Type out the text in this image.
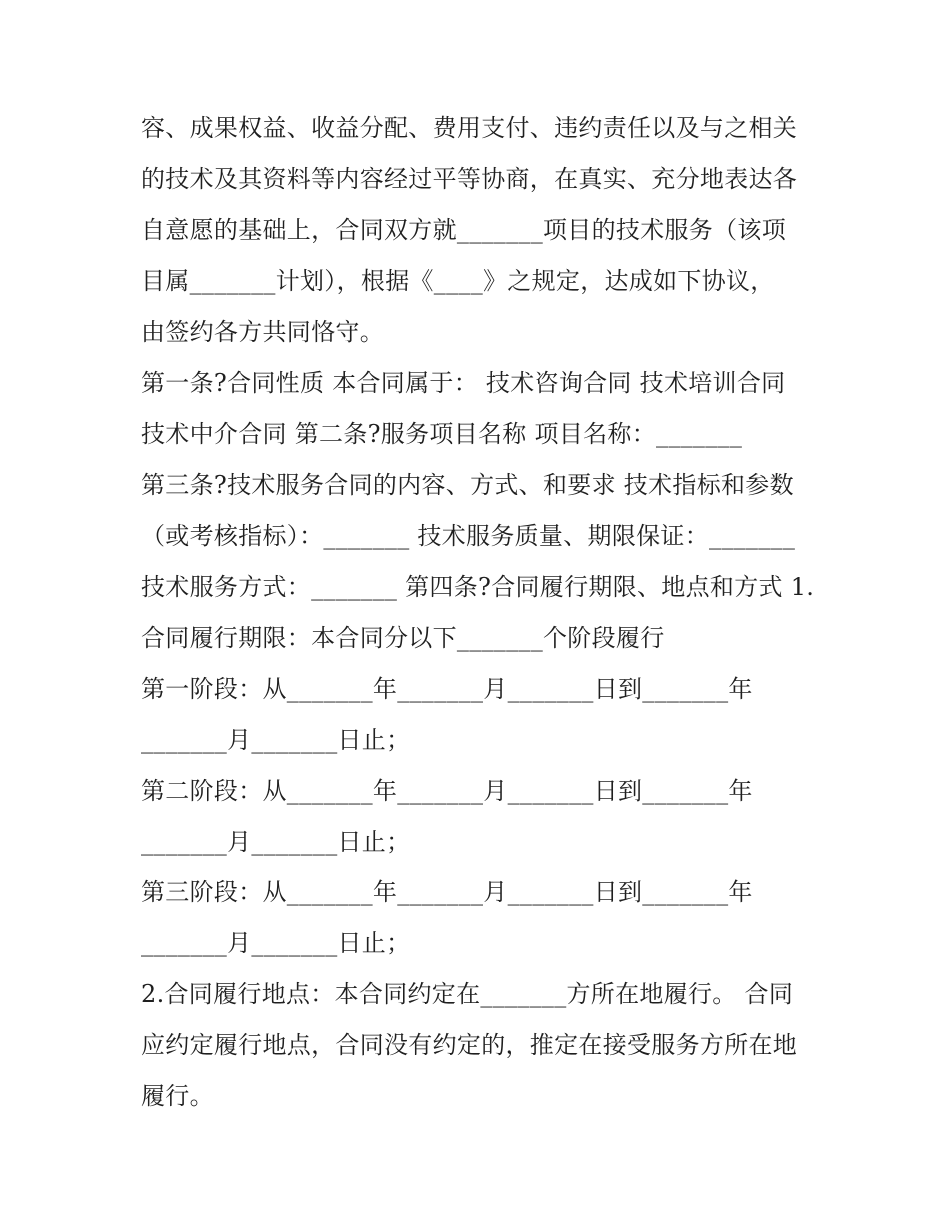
容、成果权益、收益分配、费用支付、违约责任以及与之相关
的技术及其资料等内容经过平等协商，在真实、充分地表达各
自意愿的基础上，合同双方就_______项目的技术服务（该项
目属_______计划），根据《____》之规定，达成如下协议，
由签约各方共同恪守。
第一条?合同性质 本合同属于： 技术咨询合同 技术培训合同
技术中介合同 第二条?服务项目名称 项目名称：_______
第三条?技术服务合同的内容、方式、和要求 技术指标和参数
（或考核指标）：_______ 技术服务质量、期限保证：_______
技术服务方式：_______ 第四条?合同履行期限、地点和方式 1.
合同履行期限：本合同分以下_______个阶段履行
第一阶段：从_______年_______月_______日到_______年
_______月_______日止；
第二阶段：从_______年_______月_______日到_______年
_______月_______日止；
第三阶段：从_______年_______月_______日到_______年
_______月_______日止；
2.合同履行地点：本合同约定在_______方所在地履行。 合同
应约定履行地点，合同没有约定的，推定在接受服务方所在地
履行。
